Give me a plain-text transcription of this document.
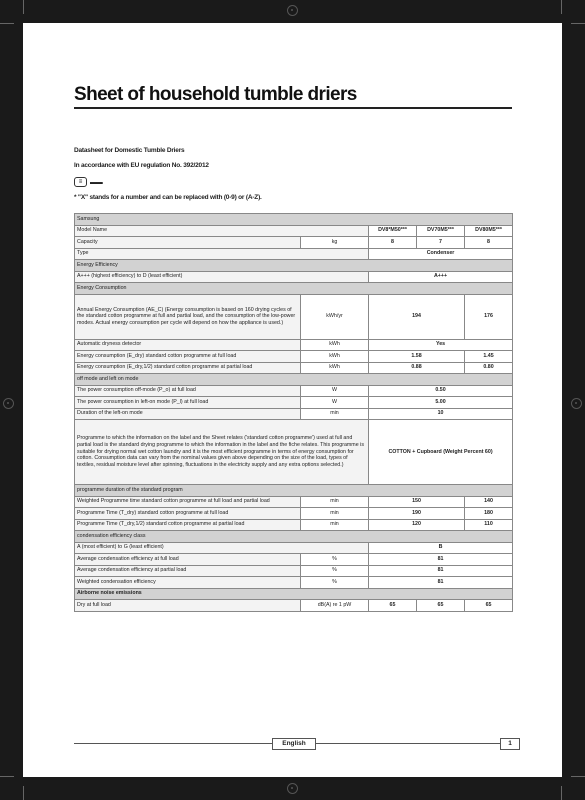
Sheet of household tumble driers
Datasheet for Domestic Tumble Driers
In accordance with EU regulation No. 392/2012
≡	▬▬
* "X" stands for a number and can be replaced with (0-9) or (A-Z).
Samsung				
Model Name		DV8*M50***	DV70M5***	DV80M5***
Capacity	kg	8	7	8
Type		Condenser		
Energy Efficiency				
A+++ (highest efficiency) to D (least efficient)		A+++		
Energy Consumption				
Annual Energy Consumption (AE_C) (Energy consumption is based on 160 drying cycles of the standard cotton programme at full and partial load, and the consumption of the low-power modes. Actual energy consumption per cycle will depend on how the appliance is used.)	kWh/yr	194		176
Automatic dryness detector	kWh	Yes		
Energy consumption (E_dry) standard cotton programme at full load	kWh	1.58		1.45
Energy consumption (E_dry,1/2) standard cotton programme at partial load	kWh	0.88		0.80
off mode and left on mode				
The power consumption off-mode (P_o) at full load	W	0.50		
The power consumption in left-on mode (P_l) at full load	W	5.00		
Duration of the left-on mode	min	10		
Programme to which the information on the label and the Sheet relates ('standard cotton programme') used at full and partial load is the standard drying programme to which the information in the label and the fiche relates. This programme is suitable for drying normal wet cotton laundry and it is the most efficient programme in terms of energy consumption for cotton. Consumption data can vary from the nominal values given above depending on the size of the load, types of textiles, residual moisture level after spinning, fluctuations in the electricity supply and any extra options selected.)		COTTON + Cupboard (Weight Percent 60)		
programme duration of the standard program				
Weighted Programme time standard cotton programme at full load and partial load	min	150		140
Programme Time (T_dry) standard cotton programme at full load	min	190		180
Programme Time (T_dry,1/2) standard cotton programme at partial load	min	120		110
condensation efficiency class				
A (most efficient) to G (least efficient)		B		
Average condensation efficiency at full load	%	81		
Average condensation efficiency at partial load	%	81		
Weighted condensation efficiency	%	81		
Airborne noise emissions				
Dry at full load	dB(A) re 1 pW	65	65	65
English	1
